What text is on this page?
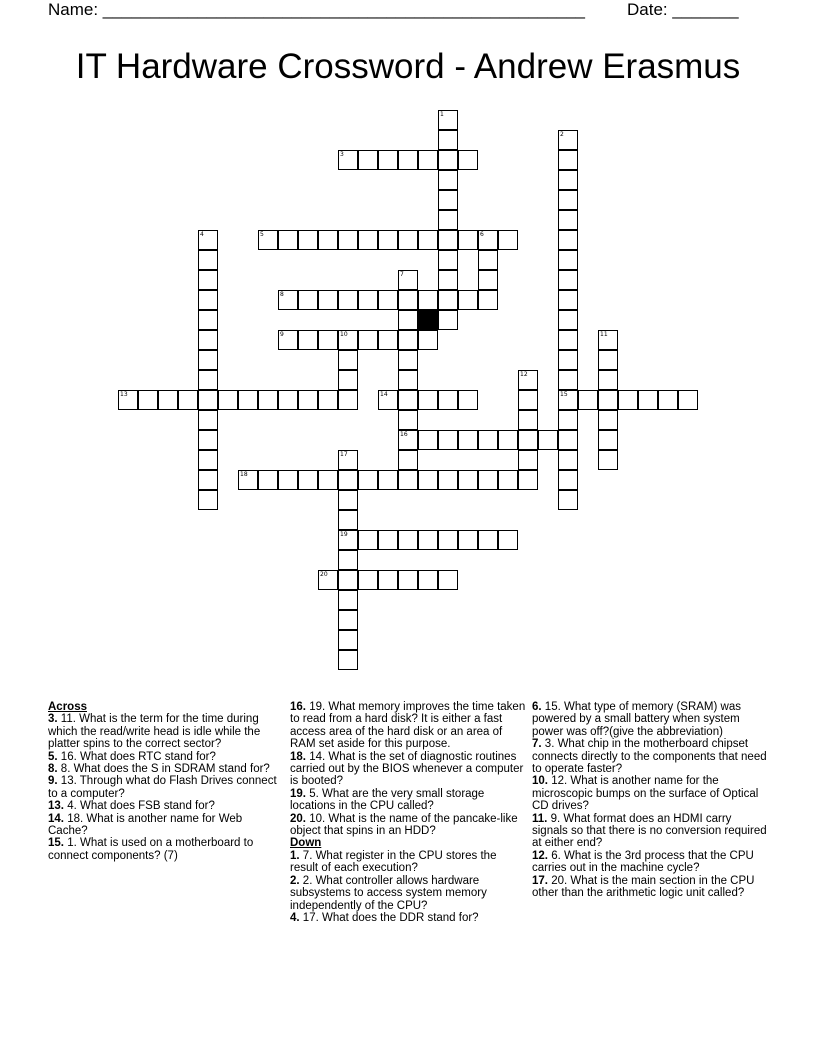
Name: ___________________________________________________ Date: _______
IT Hardware Crossword - Andrew Erasmus
1
2
15
3
4	5	6
7
16
8
9	10	11
12
13	14
17
19
18
20
Across
3. 11. What is the term for the time during which the read/write head is idle while the platter spins to the correct sector?
5. 16. What does RTC stand for?
8. 8. What does the S in SDRAM stand for?
9. 13. Through what do Flash Drives connect to a computer?
13. 4. What does FSB stand for?
14. 18. What is another name for Web Cache?
15. 1. What is used on a motherboard to connect components? (7)
16. 19. What memory improves the time taken to read from a hard disk? It is either a fast access area of the hard disk or an area of RAM set aside for this purpose.
18. 14. What is the set of diagnostic routines carried out by the BIOS whenever a computer is booted?
19. 5. What are the very small storage locations in the CPU called?
20. 10. What is the name of the pancake-like object that spins in an HDD?
Down
1. 7. What register in the CPU stores the result of each execution?
2. 2. What controller allows hardware subsystems to access system memory independently of the CPU?
4. 17. What does the DDR stand for?
6. 15. What type of memory (SRAM) was powered by a small battery when system power was off?(give the abbreviation)
7. 3. What chip in the motherboard chipset connects directly to the components that need to operate faster?
10. 12. What is another name for the microscopic bumps on the surface of Optical CD drives?
11. 9. What format does an HDMI carry signals so that there is no conversion required at either end?
12. 6. What is the 3rd process that the CPU carries out in the machine cycle?
17. 20. What is the main section in the CPU other than the arithmetic logic unit called?
